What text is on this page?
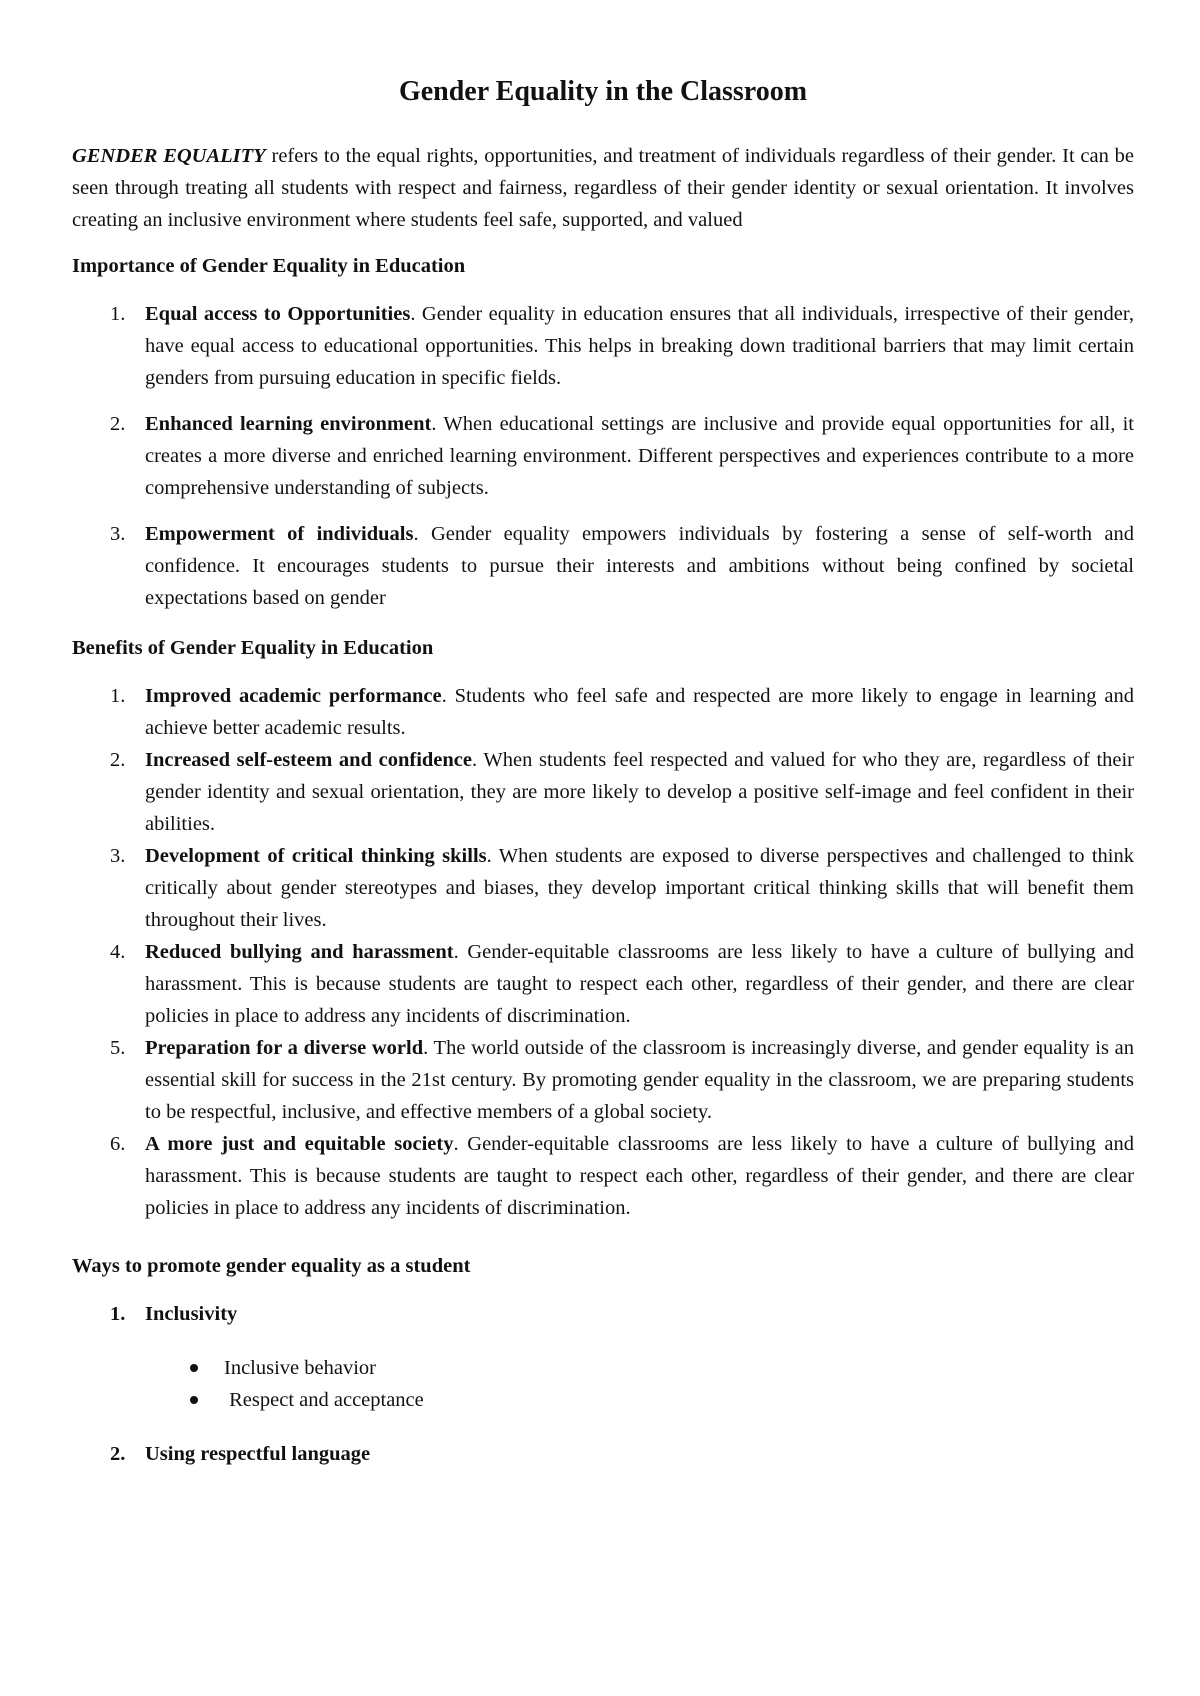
Gender Equality in the Classroom

GENDER EQUALITY refers to the equal rights, opportunities, and treatment of individuals regardless of their gender. It can be seen through treating all students with respect and fairness, regardless of their gender identity or sexual orientation. It involves creating an inclusive environment where students feel safe, supported, and valued

Importance of Gender Equality in Education
1. Equal access to Opportunities. Gender equality in education ensures that all individuals, irrespective of their gender, have equal access to educational opportunities. This helps in breaking down traditional barriers that may limit certain genders from pursuing education in specific fields.
2. Enhanced learning environment. When educational settings are inclusive and provide equal opportunities for all, it creates a more diverse and enriched learning environment. Different perspectives and experiences contribute to a more comprehensive understanding of subjects.
3. Empowerment of individuals. Gender equality empowers individuals by fostering a sense of self-worth and confidence. It encourages students to pursue their interests and ambitions without being confined by societal expectations based on gender
Benefits of Gender Equality in Education
1. Improved academic performance. Students who feel safe and respected are more likely to engage in learning and achieve better academic results.
2. Increased self-esteem and confidence. When students feel respected and valued for who they are, regardless of their gender identity and sexual orientation, they are more likely to develop a positive self-image and feel confident in their abilities.
3. Development of critical thinking skills. When students are exposed to diverse perspectives and challenged to think critically about gender stereotypes and biases, they develop important critical thinking skills that will benefit them throughout their lives.
4. Reduced bullying and harassment. Gender-equitable classrooms are less likely to have a culture of bullying and harassment. This is because students are taught to respect each other, regardless of their gender, and there are clear policies in place to address any incidents of discrimination.
5. Preparation for a diverse world. The world outside of the classroom is increasingly diverse, and gender equality is an essential skill for success in the 21st century. By promoting gender equality in the classroom, we are preparing students to be respectful, inclusive, and effective members of a global society.
6. A more just and equitable society. Gender-equitable classrooms are less likely to have a culture of bullying and harassment. This is because students are taught to respect each other, regardless of their gender, and there are clear policies in place to address any incidents of discrimination.
Ways to promote gender equality as a student
1. Inclusivity
Inclusive behavior
Respect and acceptance
2. Using respectful language
